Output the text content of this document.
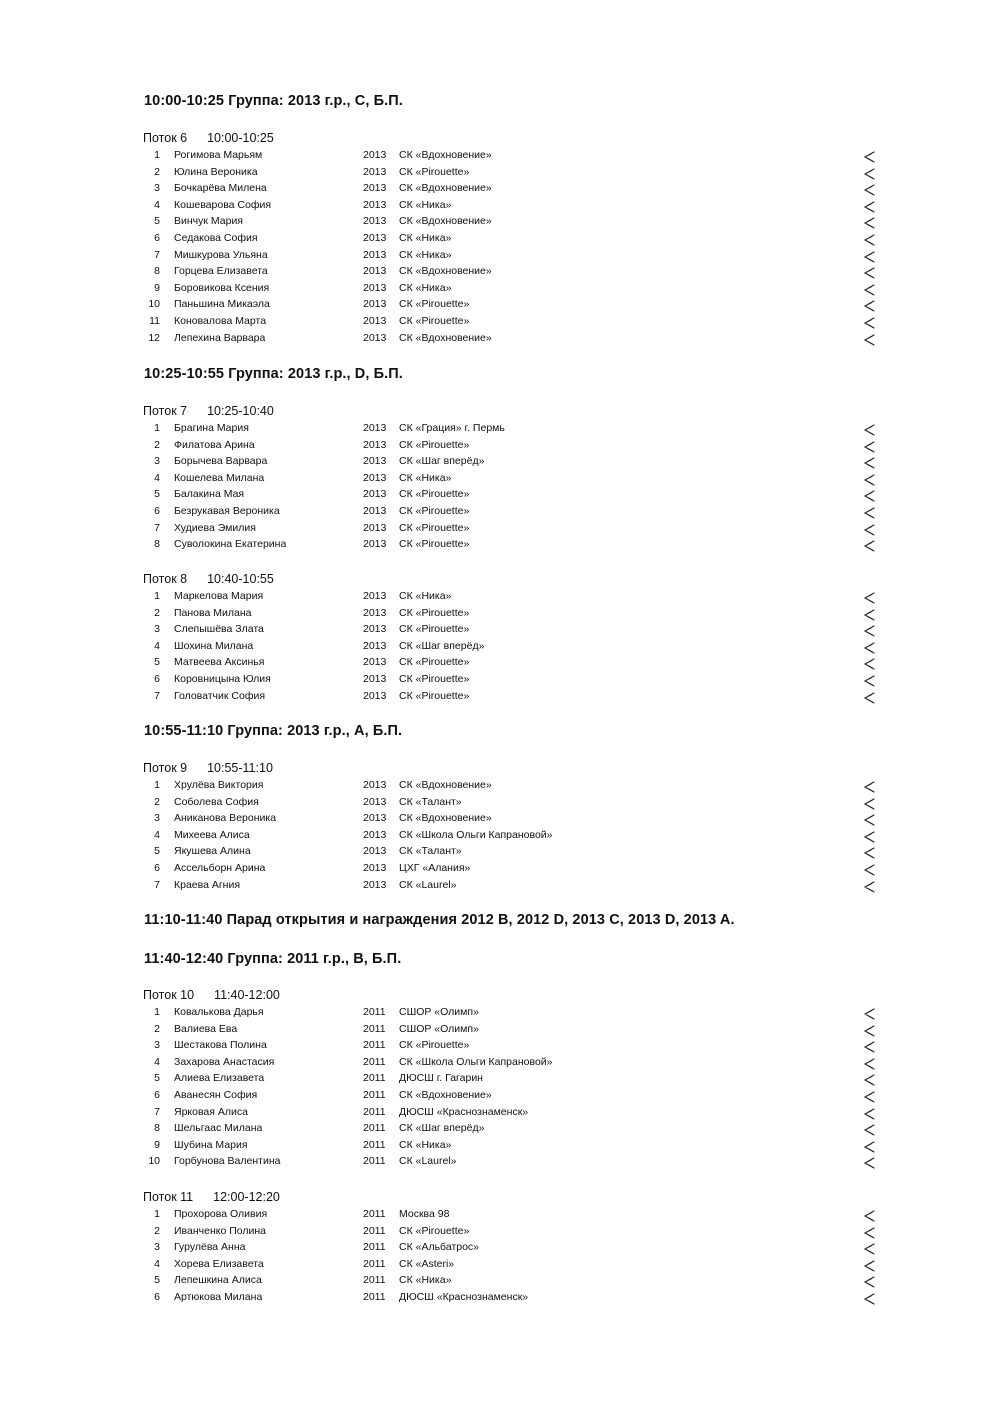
10:00-10:25 Группа: 2013 г.р., C, Б.П.
Поток 6 10:00-10:25
1 Рогимова Марьям	2013 СК «Вдохновение»
2 Юлина Вероника	2013 СК «Pirouette»
3 Бочкарёва Милена	2013 СК «Вдохновение»
4 Кошеварова София	2013 СК «Ника»
5 Винчук Мария	2013 СК «Вдохновение»
6 Седакова София	2013 СК «Ника»
7 Мишкурова Ульяна	2013 СК «Ника»
8 Горцева Елизавета	2013 СК «Вдохновение»
9 Боровикова Ксения	2013 СК «Ника»
10 Паньшина Микаэла	2013 СК «Pirouette»
11 Коновалова Марта	2013 СК «Pirouette»
12 Лепехина Варвара	2013 СК «Вдохновение»
10:25-10:55 Группа: 2013 г.р., D, Б.П.
Поток 7 10:25-10:40
1 Брагина Мария	2013 СК «Грация» г. Пермь
2 Филатова Арина	2013 СК «Pirouette»
3 Борычева Варвара	2013 СК «Шаг вперёд»
4 Кошелева Милана	2013 СК «Ника»
5 Балакина Мая	2013 СК «Pirouette»
6 Безрукавая Вероника	2013 СК «Pirouette»
7 Худиева Эмилия	2013 СК «Pirouette»
8 Суволокина Екатерина	2013 СК «Pirouette»
Поток 8 10:40-10:55
1 Маркелова Мария	2013 СК «Ника»
2 Панова Милана	2013 СК «Pirouette»
3 Слепышёва Злата	2013 СК «Pirouette»
4 Шохина Милана	2013 СК «Шаг вперёд»
5 Матвеева Аксинья	2013 СК «Pirouette»
6 Коровницына Юлия	2013 СК «Pirouette»
7 Головатчик София	2013 СК «Pirouette»
10:55-11:10 Группа: 2013 г.р., A, Б.П.
Поток 9 10:55-11:10
1 Хрулёва Виктория	2013 СК «Вдохновение»
2 Соболева София	2013 СК «Талант»
3 Аниканова Вероника	2013 СК «Вдохновение»
4 Михеева Алиса	2013 СК «Школа Ольги Капрановой»
5 Якушева Алина	2013 СК «Талант»
6 Ассельборн Арина	2013 ЦХГ «Алания»
7 Краева Агния	2013 СК «Laurel»
11:10-11:40 Парад открытия и награждения 2012 B, 2012 D, 2013 C, 2013 D, 2013 A.
11:40-12:40 Группа: 2011 г.р., B, Б.П.
Поток 10 11:40-12:00
1 Ковалькова Дарья	2011 СШОР «Олимп»
2 Валиева Ева	2011 СШОР «Олимп»
3 Шестакова Полина	2011 СК «Pirouette»
4 Захарова Анастасия	2011 СК «Школа Ольги Капрановой»
5 Алиева Елизавета	2011 ДЮСШ г. Гагарин
6 Аванесян София	2011 СК «Вдохновение»
7 Ярковая Алиса	2011 ДЮСШ «Краснознаменск»
8 Шельгаас Милана	2011 СК «Шаг вперёд»
9 Шубина Мария	2011 СК «Ника»
10 Горбунова Валентина	2011 СК «Laurel»
Поток 11 12:00-12:20
1 Прохорова Оливия	2011 Москва 98
2 Иванченко Полина	2011 СК «Pirouette»
3 Гурулёва Анна	2011 СК «Альбатрос»
4 Хорева Елизавета	2011 СК «Asteri»
5 Лепешкина Алиса	2011 СК «Ника»
6 Артюкова Милана	2011 ДЮСШ «Краснознаменск»
